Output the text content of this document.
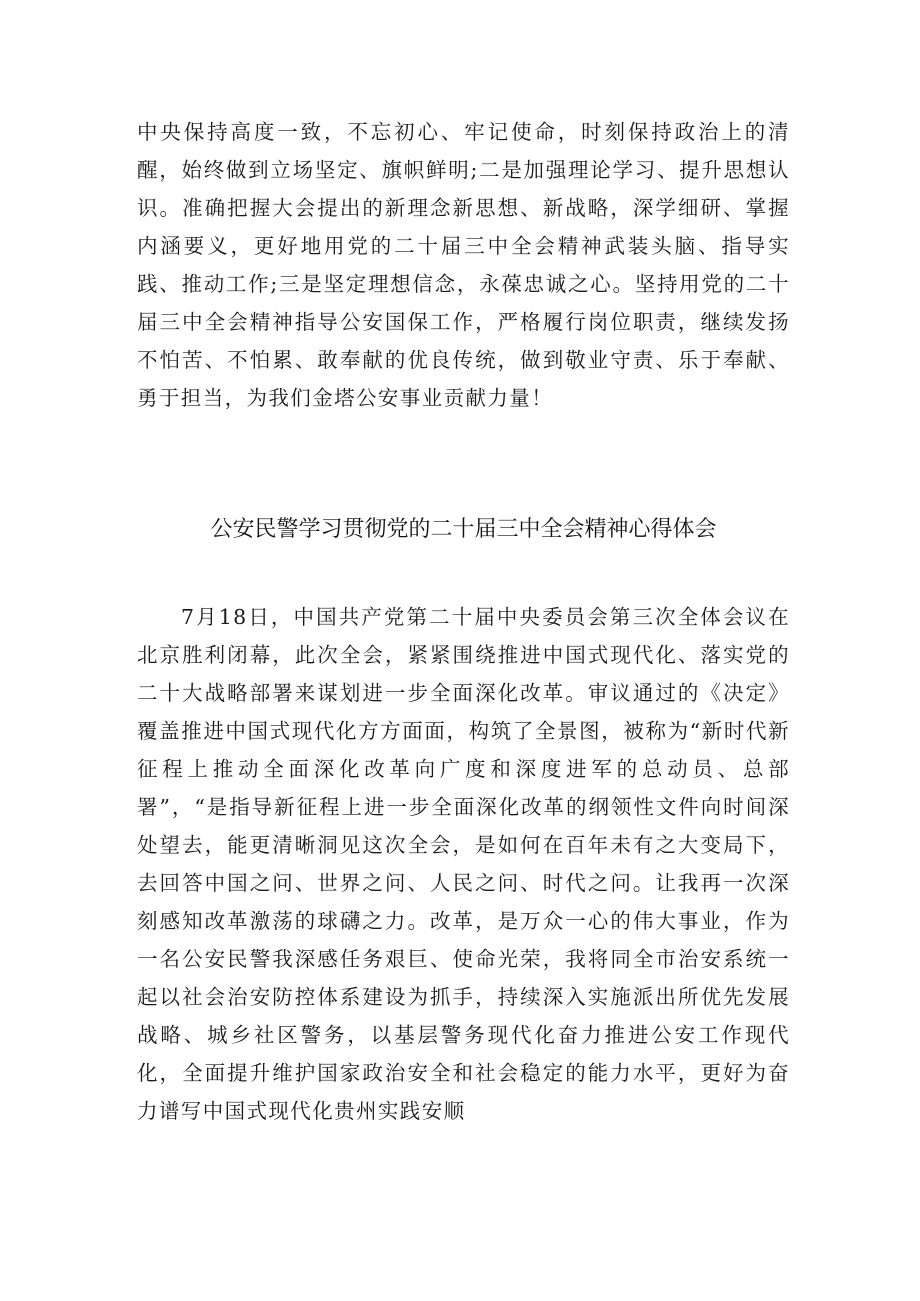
中央保持高度一致，不忘初心、牢记使命，时刻保持政治上的清醒，始终做到立场坚定、旗帜鲜明;二是加强理论学习、提升思想认识。准确把握大会提出的新理念新思想、新战略，深学细研、掌握内涵要义，更好地用党的二十届三中全会精神武装头脑、指导实践、推动工作;三是坚定理想信念，永葆忠诚之心。坚持用党的二十届三中全会精神指导公安国保工作，严格履行岗位职责，继续发扬不怕苦、不怕累、敢奉献的优良传统，做到敬业守责、乐于奉献、勇于担当，为我们金塔公安事业贡献力量！

公安民警学习贯彻党的二十届三中全会精神心得体会

7月18日，中国共产党第二十届中央委员会第三次全体会议在北京胜利闭幕，此次全会，紧紧围绕推进中国式现代化、落实党的二十大战略部署来谋划进一步全面深化改革。审议通过的《决定》覆盖推进中国式现代化方方面面，构筑了全景图，被称为“新时代新征程上推动全面深化改革向广度和深度进军的总动员、总部署”，“是指导新征程上进一步全面深化改革的纲领性文件向时间深处望去，能更清晰洞见这次全会，是如何在百年未有之大变局下，去回答中国之问、世界之问、人民之问、时代之问。让我再一次深刻感知改革激荡的球礴之力。改革，是万众一心的伟大事业，作为一名公安民警我深感任务艰巨、使命光荣，我将同全市治安系统一起以社会治安防控体系建设为抓手，持续深入实施派出所优先发展战略、城乡社区警务，以基层警务现代化奋力推进公安工作现代化，全面提升维护国家政治安全和社会稳定的能力水平，更好为奋力谱写中国式现代化贵州实践安顺
